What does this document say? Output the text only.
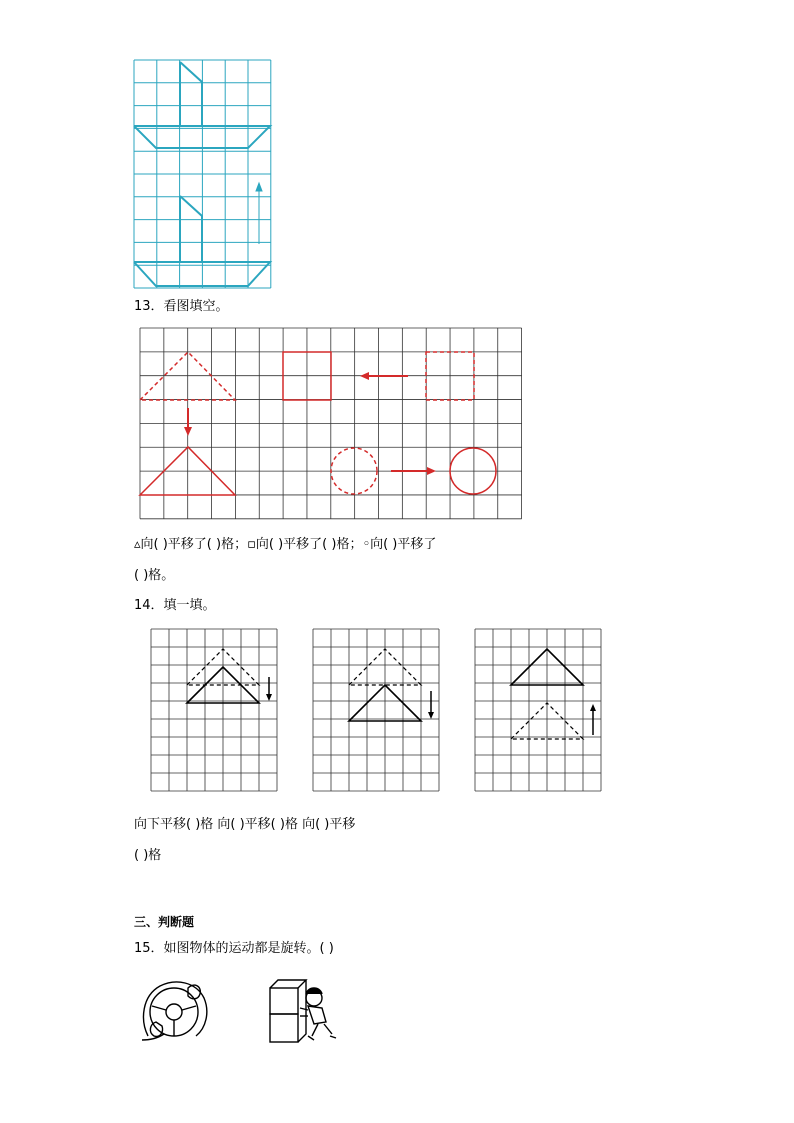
13．看图填空。
▵向( )平移了( )格；▫向( )平移了( )格；◦向( )平移了
( )格。
14．填一填。
向下平移( )格 向( )平移( )格 向( )平移
( )格
三、判断题
15．如图物体的运动都是旋转。( )
